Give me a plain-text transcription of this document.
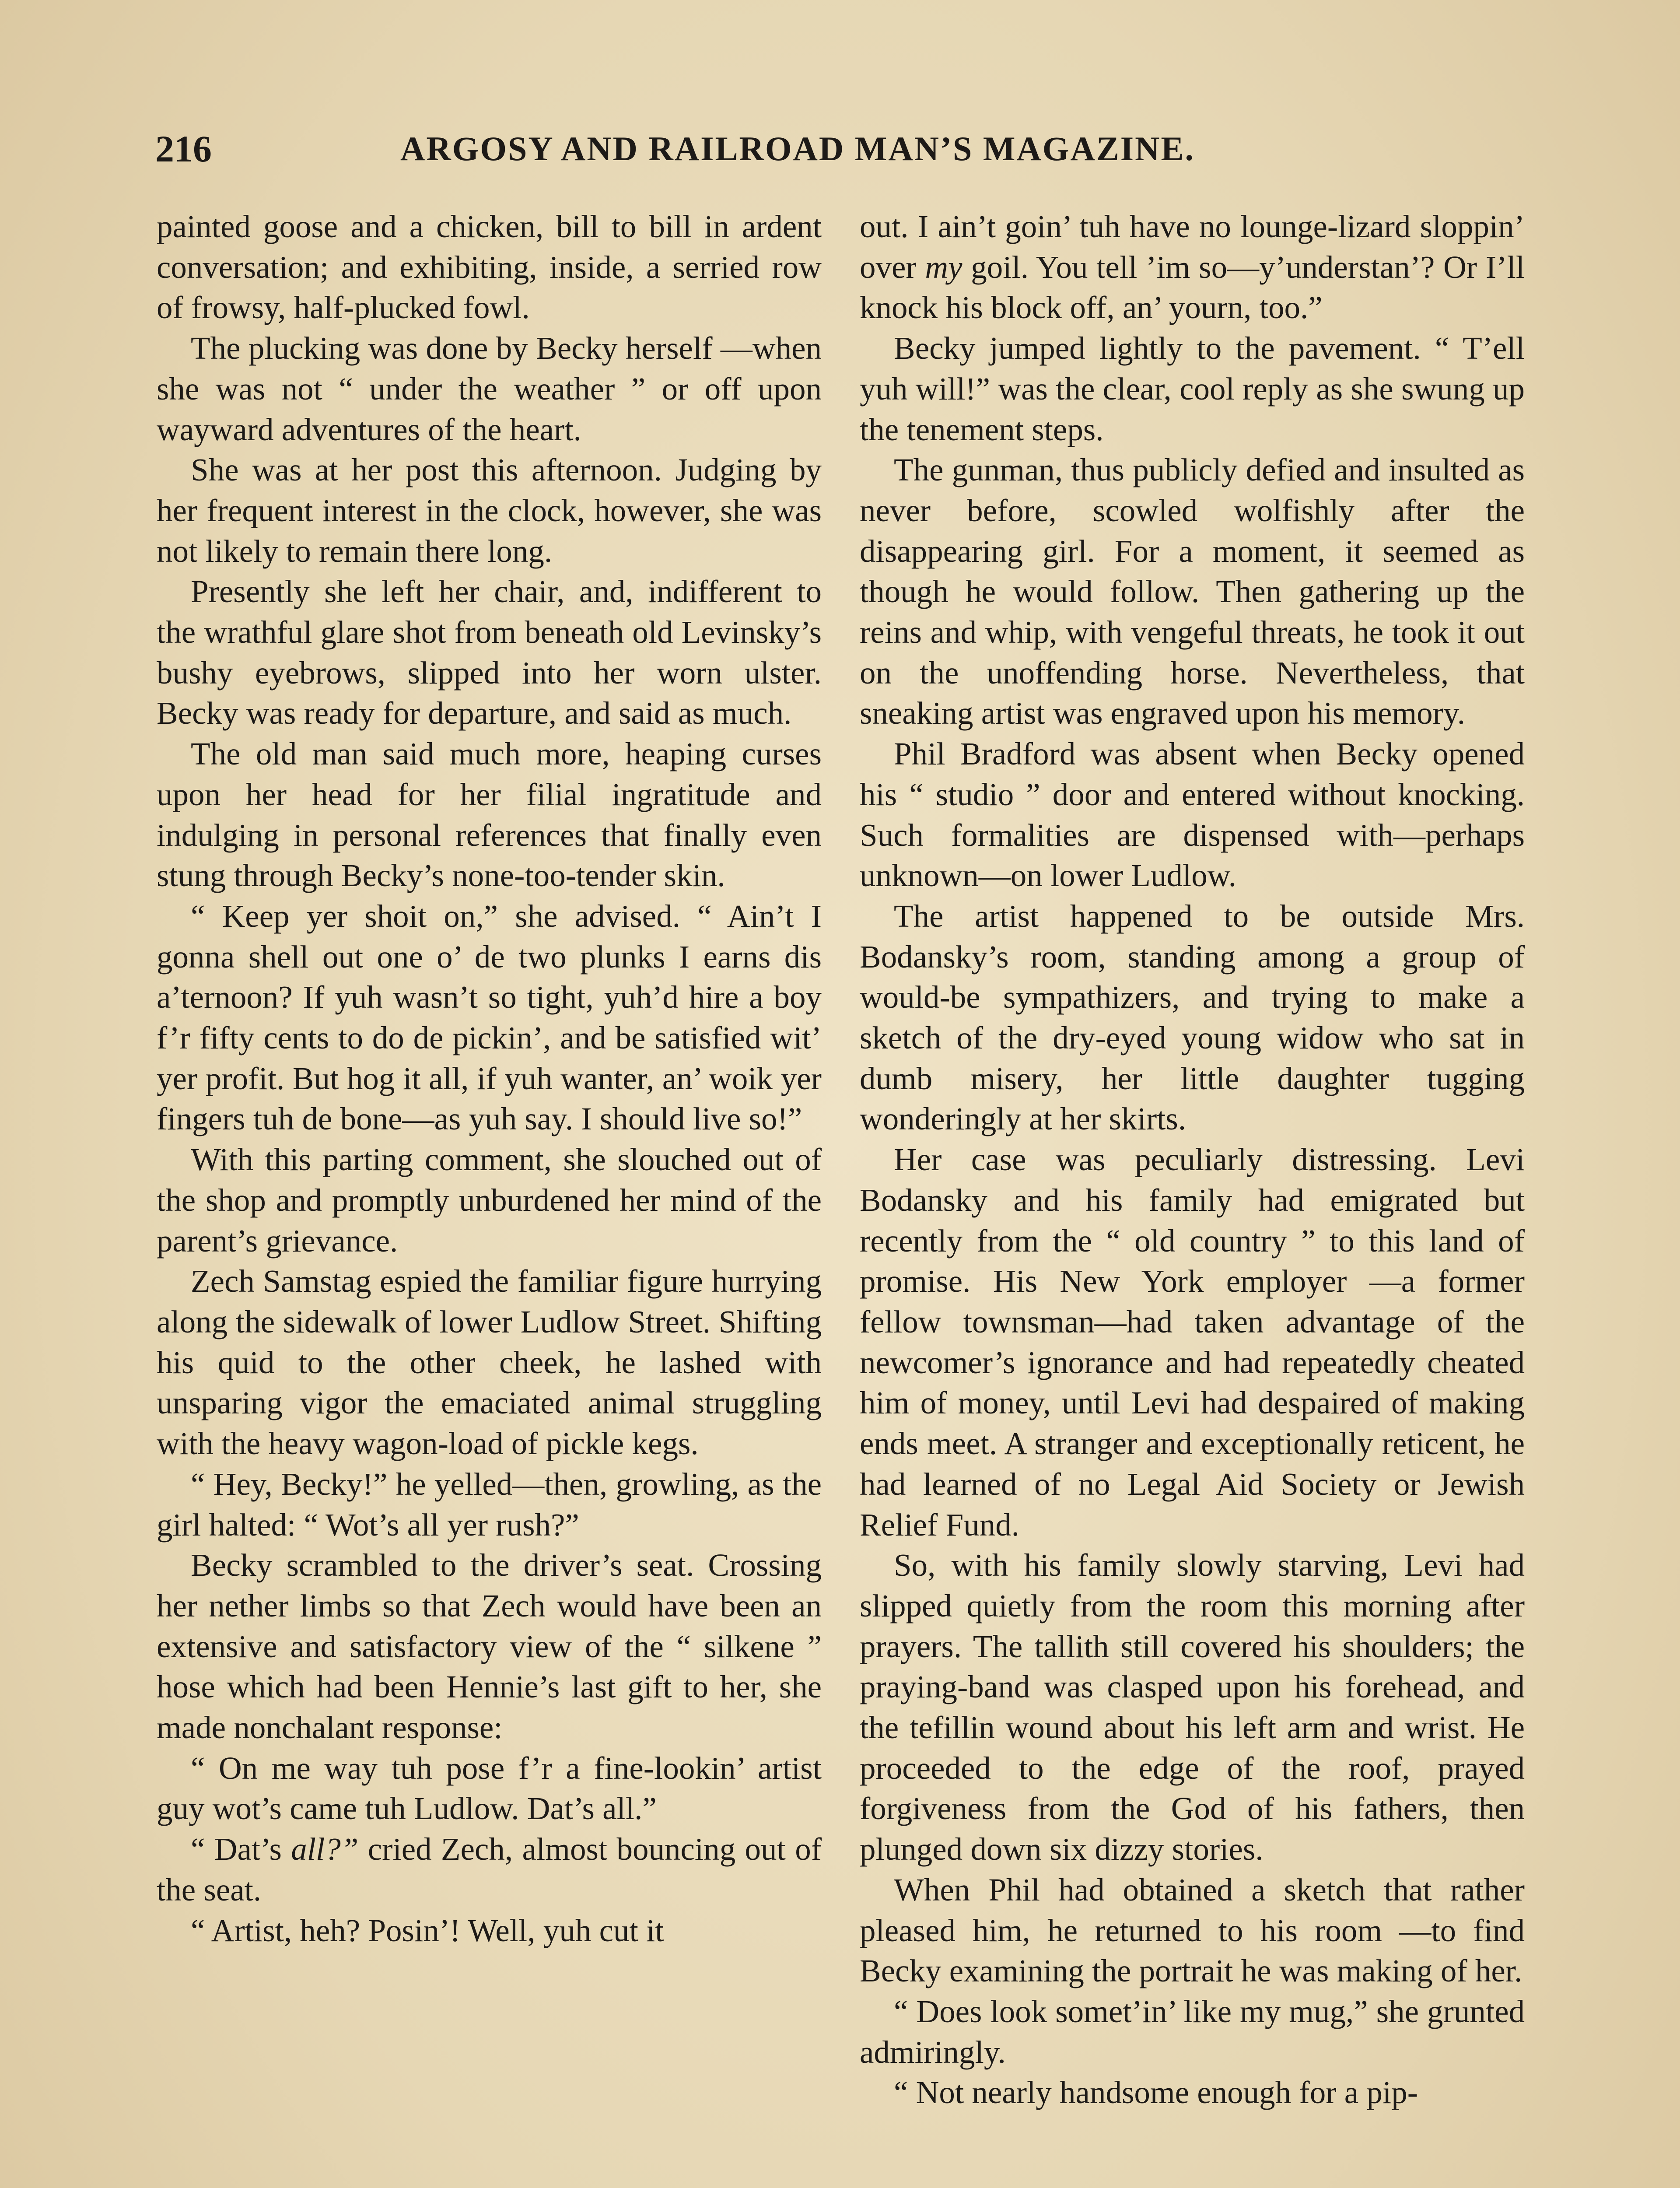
216	ARGOSY AND RAILROAD MAN’S MAGAZINE.

painted goose and a chicken, bill to bill in ardent conversation; and exhibiting, inside, a serried row of frowsy, half-plucked fowl.

The plucking was done by Becky herself —when she was not “ under the weather ” or off upon wayward adventures of the heart.

She was at her post this afternoon. Judging by her frequent interest in the clock, however, she was not likely to remain there long.

Presently she left her chair, and, indifferent to the wrathful glare shot from beneath old Levinsky’s bushy eyebrows, slipped into her worn ulster. Becky was ready for departure, and said as much.

The old man said much more, heaping curses upon her head for her filial ingratitude and indulging in personal references that finally even stung through Becky’s none-too-tender skin.

“ Keep yer shoit on,” she advised. “ Ain’t I gonna shell out one o’ de two plunks I earns dis a’ternoon? If yuh wasn’t so tight, yuh’d hire a boy f’r fifty cents to do de pickin’, and be satisfied wit’ yer profit. But hog it all, if yuh wanter, an’ woik yer fingers tuh de bone—as yuh say. I should live so!”

With this parting comment, she slouched out of the shop and promptly unburdened her mind of the parent’s grievance.

Zech Samstag espied the familiar figure hurrying along the sidewalk of lower Ludlow Street. Shifting his quid to the other cheek, he lashed with unsparing vigor the emaciated animal struggling with the heavy wagon-load of pickle kegs.

“ Hey, Becky!” he yelled—then, growling, as the girl halted: “ Wot’s all yer rush?”

Becky scrambled to the driver’s seat. Crossing her nether limbs so that Zech would have been an extensive and satisfactory view of the “ silkene ” hose which had been Hennie’s last gift to her, she made nonchalant response:

“ On me way tuh pose f’r a fine-lookin’ artist guy wot’s came tuh Ludlow. Dat’s all.”

“ Dat’s all?” cried Zech, almost bouncing out of the seat.

“ Artist, heh? Posin’! Well, yuh cut it

out. I ain’t goin’ tuh have no lounge-lizard sloppin’ over my goil. You tell ’im so—y’understan’? Or I’ll knock his block off, an’ yourn, too.”

Becky jumped lightly to the pavement. “ T’ell yuh will!” was the clear, cool reply as she swung up the tenement steps.

The gunman, thus publicly defied and insulted as never before, scowled wolfishly after the disappearing girl. For a moment, it seemed as though he would follow. Then gathering up the reins and whip, with vengeful threats, he took it out on the unoffending horse. Nevertheless, that sneaking artist was engraved upon his memory.

Phil Bradford was absent when Becky opened his “ studio ” door and entered without knocking. Such formalities are dispensed with—perhaps unknown—on lower Ludlow.

The artist happened to be outside Mrs. Bodansky’s room, standing among a group of would-be sympathizers, and trying to make a sketch of the dry-eyed young widow who sat in dumb misery, her little daughter tugging wonderingly at her skirts.

Her case was peculiarly distressing. Levi Bodansky and his family had emigrated but recently from the “ old country ” to this land of promise. His New York employer —a former fellow townsman—had taken advantage of the newcomer’s ignorance and had repeatedly cheated him of money, until Levi had despaired of making ends meet. A stranger and exceptionally reticent, he had learned of no Legal Aid Society or Jewish Relief Fund.

So, with his family slowly starving, Levi had slipped quietly from the room this morning after prayers. The tallith still covered his shoulders; the praying-band was clasped upon his forehead, and the tefillin wound about his left arm and wrist. He proceeded to the edge of the roof, prayed forgiveness from the God of his fathers, then plunged down six dizzy stories.

When Phil had obtained a sketch that rather pleased him, he returned to his room —to find Becky examining the portrait he was making of her.

“ Does look somet’in’ like my mug,” she grunted admiringly.

“ Not nearly handsome enough for a pip-
